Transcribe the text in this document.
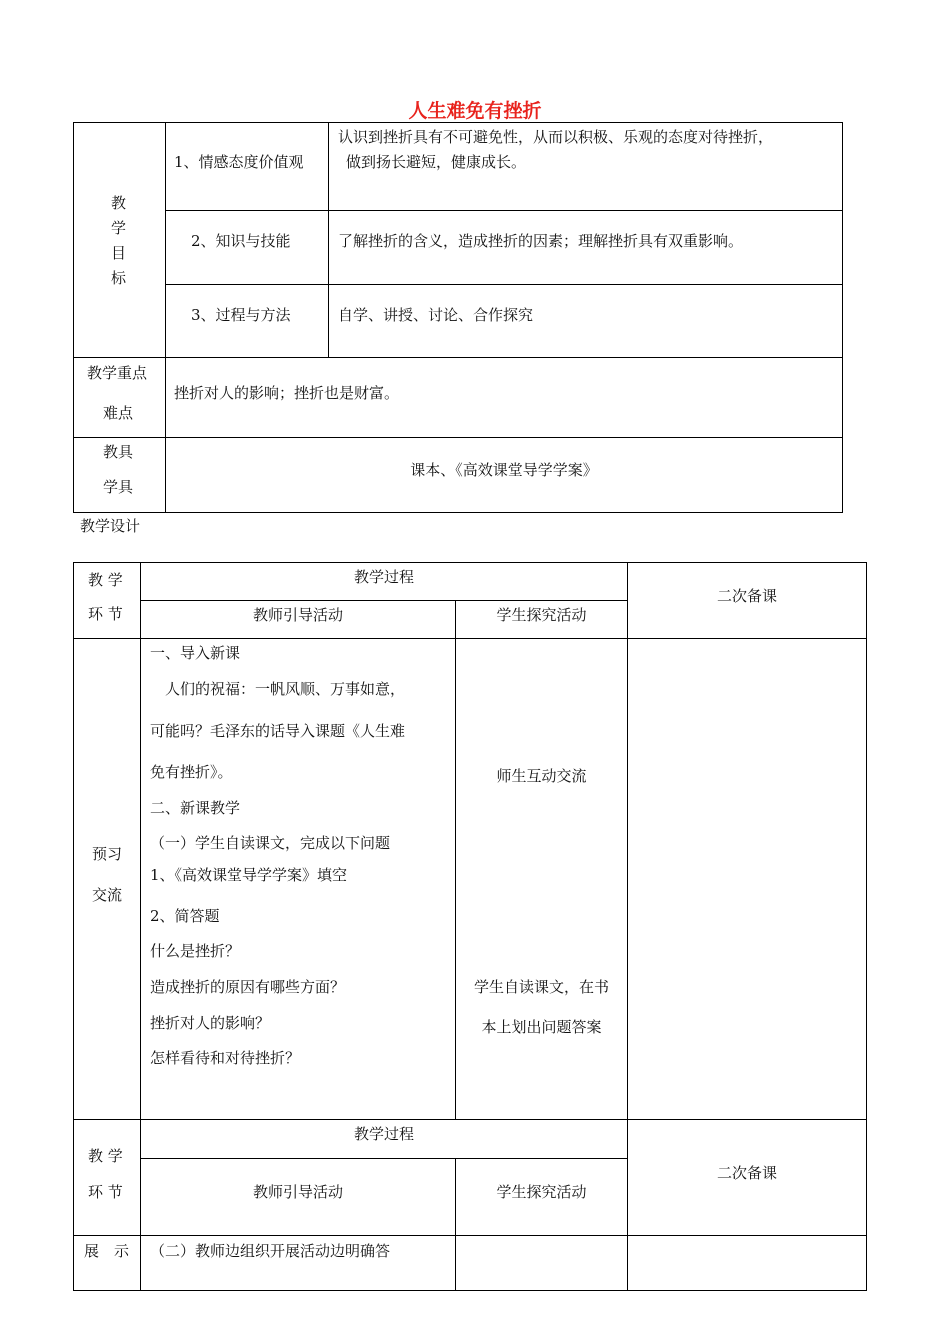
人生难免有挫折
教
学
目
标
1、情感态度价值观
2、知识与技能
3、过程与方法
认识到挫折具有不可避免性，从而以积极、乐观的态度对待挫折，
做到扬长避短，健康成长。
了解挫折的含义，造成挫折的因素；理解挫折具有双重影响。
自学、讲授、讨论、合作探究
教学重点
难点
挫折对人的影响；挫折也是财富。
教具
学具
课本、《高效课堂导学学案》
教学设计
教 学
环 节
教学过程
教师引导活动	学生探究活动
二次备课
预习
交流
一、导入新课
　人们的祝福：一帆风顺、万事如意，
可能吗？毛泽东的话导入课题《人生难
免有挫折》。
二、新课教学
（一）学生自读课文，完成以下问题
1、《高效课堂导学学案》填空
2、简答题
什么是挫折？
造成挫折的原因有哪些方面？
挫折对人的影响？
怎样看待和对待挫折？
师生互动交流
学生自读课文，在书
本上划出问题答案
教 学
环 节
教学过程
教师引导活动	学生探究活动
二次备课
展　示 （二）教师边组织开展活动边明确答
